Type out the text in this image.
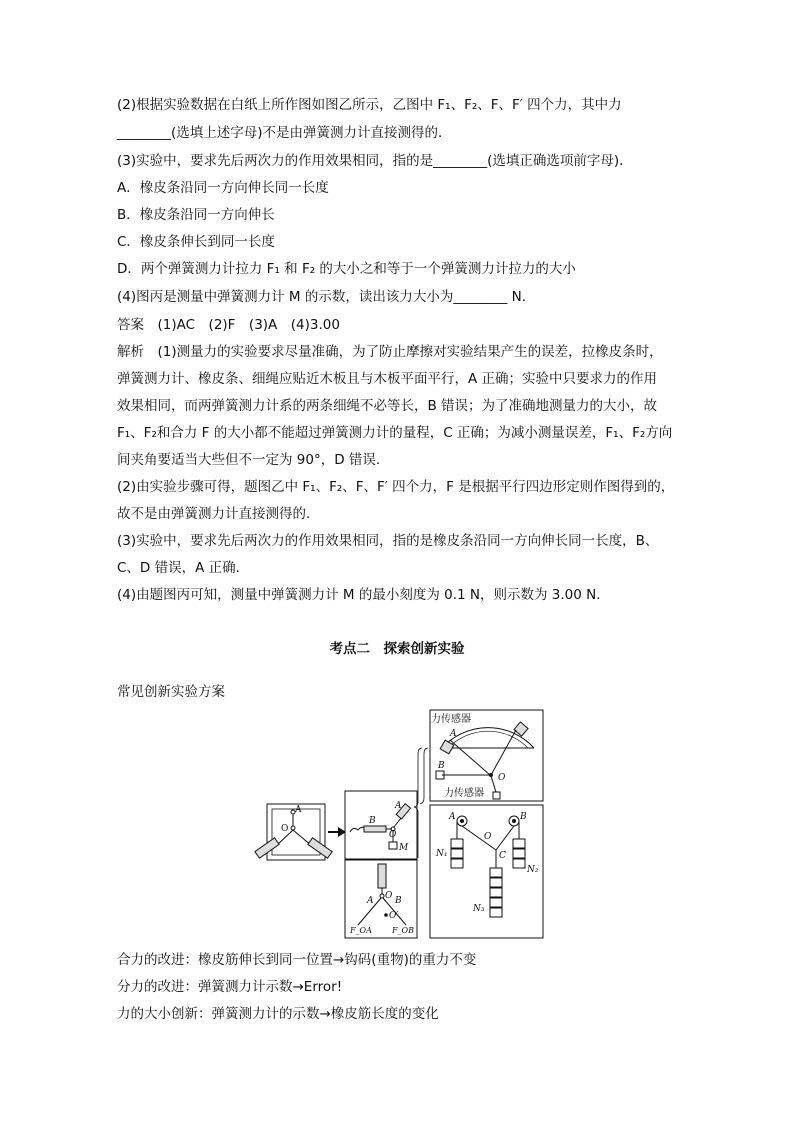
(2)根据实验数据在白纸上所作图如图乙所示，乙图中 F₁、F₂、F、F′ 四个力，其中力
________(选填上述字母)不是由弹簧测力计直接测得的．
(3)实验中，要求先后两次力的作用效果相同，指的是________(选填正确选项前字母)．
A．橡皮条沿同一方向伸长同一长度
B．橡皮条沿同一方向伸长
C．橡皮条伸长到同一长度
D．两个弹簧测力计拉力 F₁ 和 F₂ 的大小之和等于一个弹簧测力计拉力的大小
(4)图丙是测量中弹簧测力计 M 的示数，读出该力大小为________ N.
答案　(1)AC　(2)F　(3)A　(4)3.00
解析　(1)测量力的实验要求尽量准确，为了防止摩擦对实验结果产生的误差，拉橡皮条时，
弹簧测力计、橡皮条、细绳应贴近木板且与木板平面平行，A 正确；实验中只要求力的作用
效果相同，而两弹簧测力计系的两条细绳不必等长，B 错误；为了准确地测量力的大小，故
F₁、F₂和合力 F 的大小都不能超过弹簧测力计的量程，C 正确；为减小测量误差，F₁、F₂方向
间夹角要适当大些但不一定为 90°，D 错误．
(2)由实验步骤可得，题图乙中 F₁、F₂、F、F′ 四个力，F 是根据平行四边形定则作图得到的，
故不是由弹簧测力计直接测得的．
(3)实验中，要求先后两次力的作用效果相同，指的是橡皮条沿同一方向伸长同一长度，B、
C、D 错误，A 正确．
(4)由题图丙可知，测量中弹簧测力计 M 的最小刻度为 0.1 N，则示数为 3.00 N.
考点二　探索创新实验
常见创新实验方案
A
O
B
A
O
M
O
A B
O′
F_OA	F_OB
力传感器
A
B
O
力传感器
A
O
B
C
N₁
N₂
N₃
合力的改进：橡皮筋伸长到同一位置→钩码(重物)的重力不变
分力的改进：弹簧测力计示数→Error!
力的大小创新：弹簧测力计的示数→橡皮筋长度的变化
